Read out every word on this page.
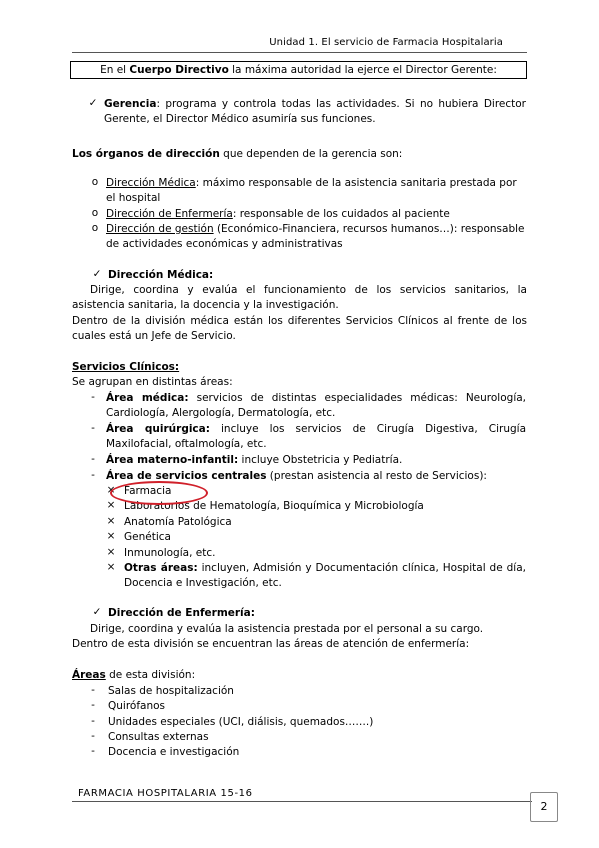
Unidad 1. El servicio de Farmacia Hospitalaria
En el Cuerpo Directivo la máxima autoridad la ejerce el Director Gerente:
✓ Gerencia: programa y controla todas las actividades. Si no hubiera Director Gerente, el Director Médico asumiría sus funciones.
Los órganos de dirección que dependen de la gerencia son:
o Dirección Médica: máximo responsable de la asistencia sanitaria prestada por el hospital
o Dirección de Enfermería: responsable de los cuidados al paciente
o Dirección de gestión (Económico-Financiera, recursos humanos…): responsable de actividades económicas y administrativas
✓ Dirección Médica:
Dirige, coordina y evalúa el funcionamiento de los servicios sanitarios, la asistencia sanitaria, la docencia y la investigación.
Dentro de la división médica están los diferentes Servicios Clínicos al frente de los cuales está un Jefe de Servicio.
Servicios Clínicos:
Se agrupan en distintas áreas:
-	Área médica: servicios de distintas especialidades médicas: Neurología, Cardiología, Alergología, Dermatología, etc.
-	Área quirúrgica: incluye los servicios de Cirugía Digestiva, Cirugía Maxilofacial, oftalmología, etc.
-	Área materno-infantil: incluye Obstetricia y Pediatría.
-	Área de servicios centrales (prestan asistencia al resto de Servicios):
× Farmacia
× Laboratorios de Hematología, Bioquímica y Microbiología
× Anatomía Patológica
× Genética
× Inmunología, etc.
× Otras áreas: incluyen, Admisión y Documentación clínica, Hospital de día, Docencia e Investigación, etc.
✓ Dirección de Enfermería:
Dirige, coordina y evalúa la asistencia prestada por el personal a su cargo.
Dentro de esta división se encuentran las áreas de atención de enfermería:
Áreas de esta división:
-	Salas de hospitalización
-	Quirófanos
-	Unidades especiales (UCI, diálisis, quemados…….)
-	Consultas externas
-	Docencia e investigación
FARMACIA HOSPITALARIA 15-16
2
